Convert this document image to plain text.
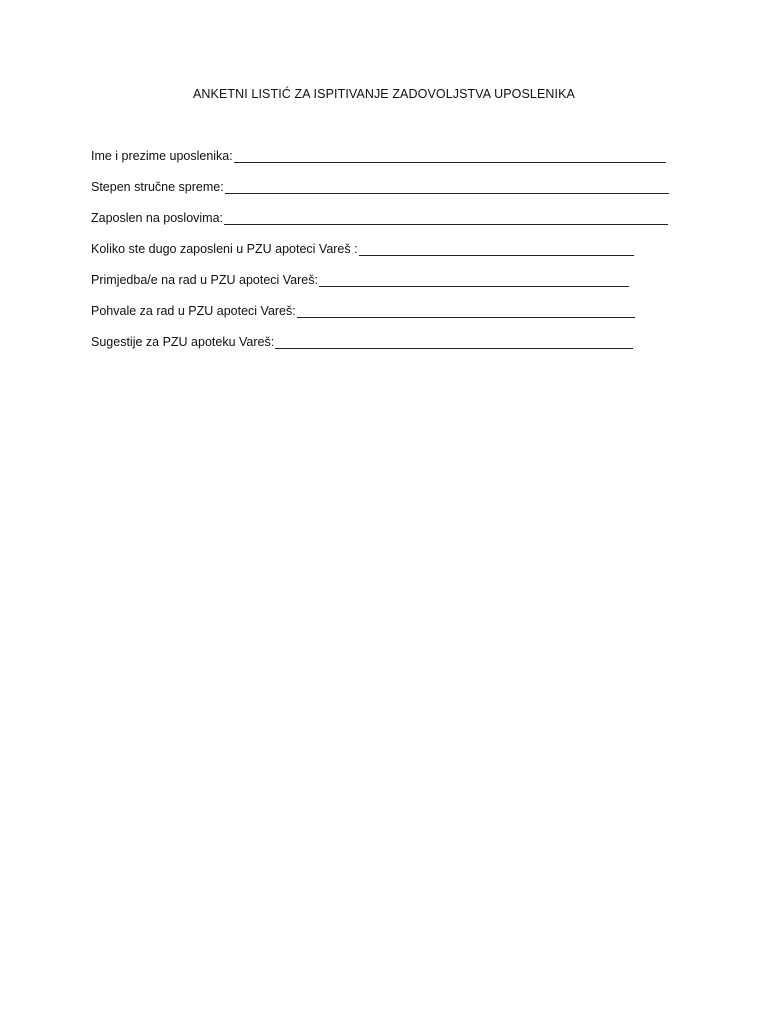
ANKETNI LISTIĆ ZA ISPITIVANJE ZADOVOLJSTVA UPOSLENIKA
Ime i prezime uposlenika:
Stepen stručne spreme:
Zaposlen na poslovima:
Koliko ste dugo zaposleni u PZU apoteci Vareš :
Primjedba/e na rad u PZU apoteci Vareš:
Pohvale za rad u PZU apoteci Vareš:
Sugestije za PZU apoteku Vareš:
